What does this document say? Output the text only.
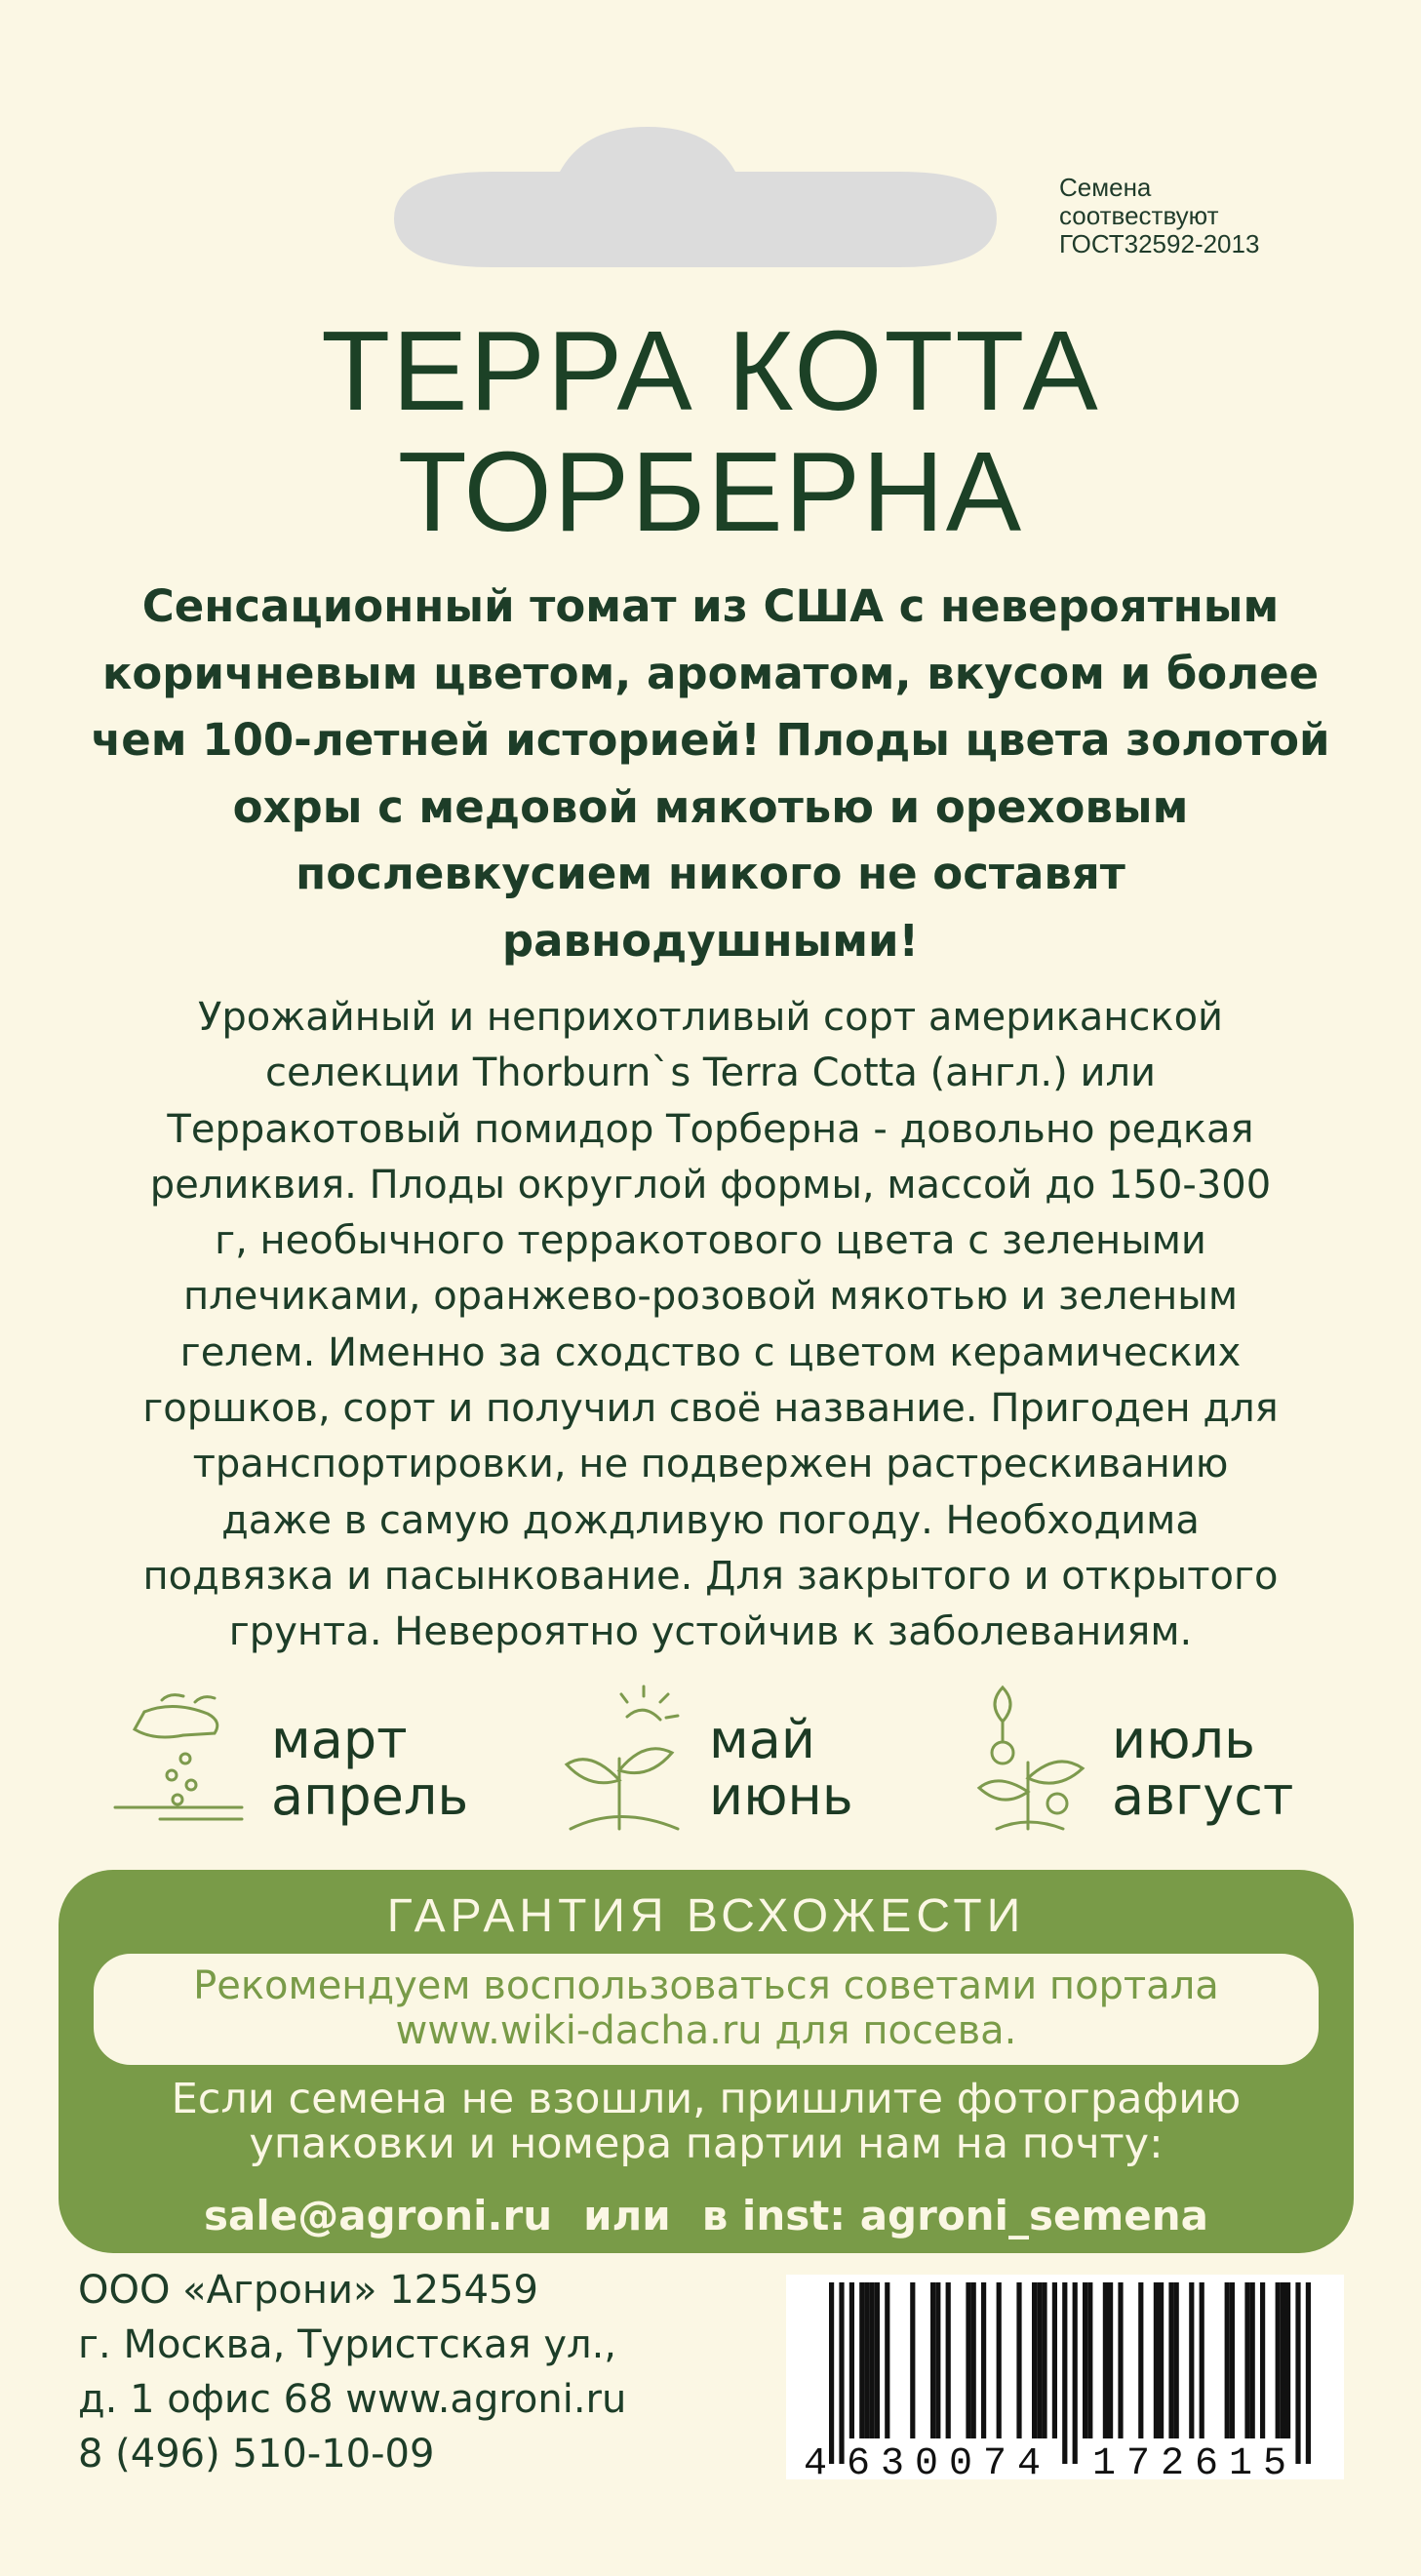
Семена
соотвествуют
ГОСТ32592-2013
ТЕРРА КОТТА
ТОРБЕРНА
Сенсационный томат из США с невероятным
коричневым цветом, ароматом, вкусом и более
чем 100-летней историей! Плоды цвета золотой
охры с медовой мякотью и ореховым
послевкусием никого не оставят
равнодушными!
Урожайный и неприхотливый сорт американской
селекции Thorburn`s Terra Cotta (англ.) или
Терракотовый помидор Торберна - довольно редкая
реликвия. Плоды округлой формы, массой до 150-300
г, необычного терракотового цвета с зелеными
плечиками, оранжево-розовой мякотью и зеленым
гелем. Именно за сходство с цветом керамических
горшков, сорт и получил своё название. Пригоден для
транспортировки, не подвержен растрескиванию
даже в самую дождливую погоду. Необходима
подвязка и пасынкование. Для закрытого и открытого
грунта. Невероятно устойчив к заболеваниям.
март
апрель
май
июнь
июль
август
ГАРАНТИЯ ВСХОЖЕСТИ
Рекомендуем воспользоваться советами портала
www.wiki-dacha.ru для посева.
Если семена не взошли, пришлите фотографию
упаковки и номера партии нам на почту:
sale@agroni.ru или в inst: agroni_semena
ООО «Агрони» 125459
г. Москва, Туристская ул.,
д. 1 офис 68 www.agroni.ru
8 (496) 510-10-09	4 630074 172615
